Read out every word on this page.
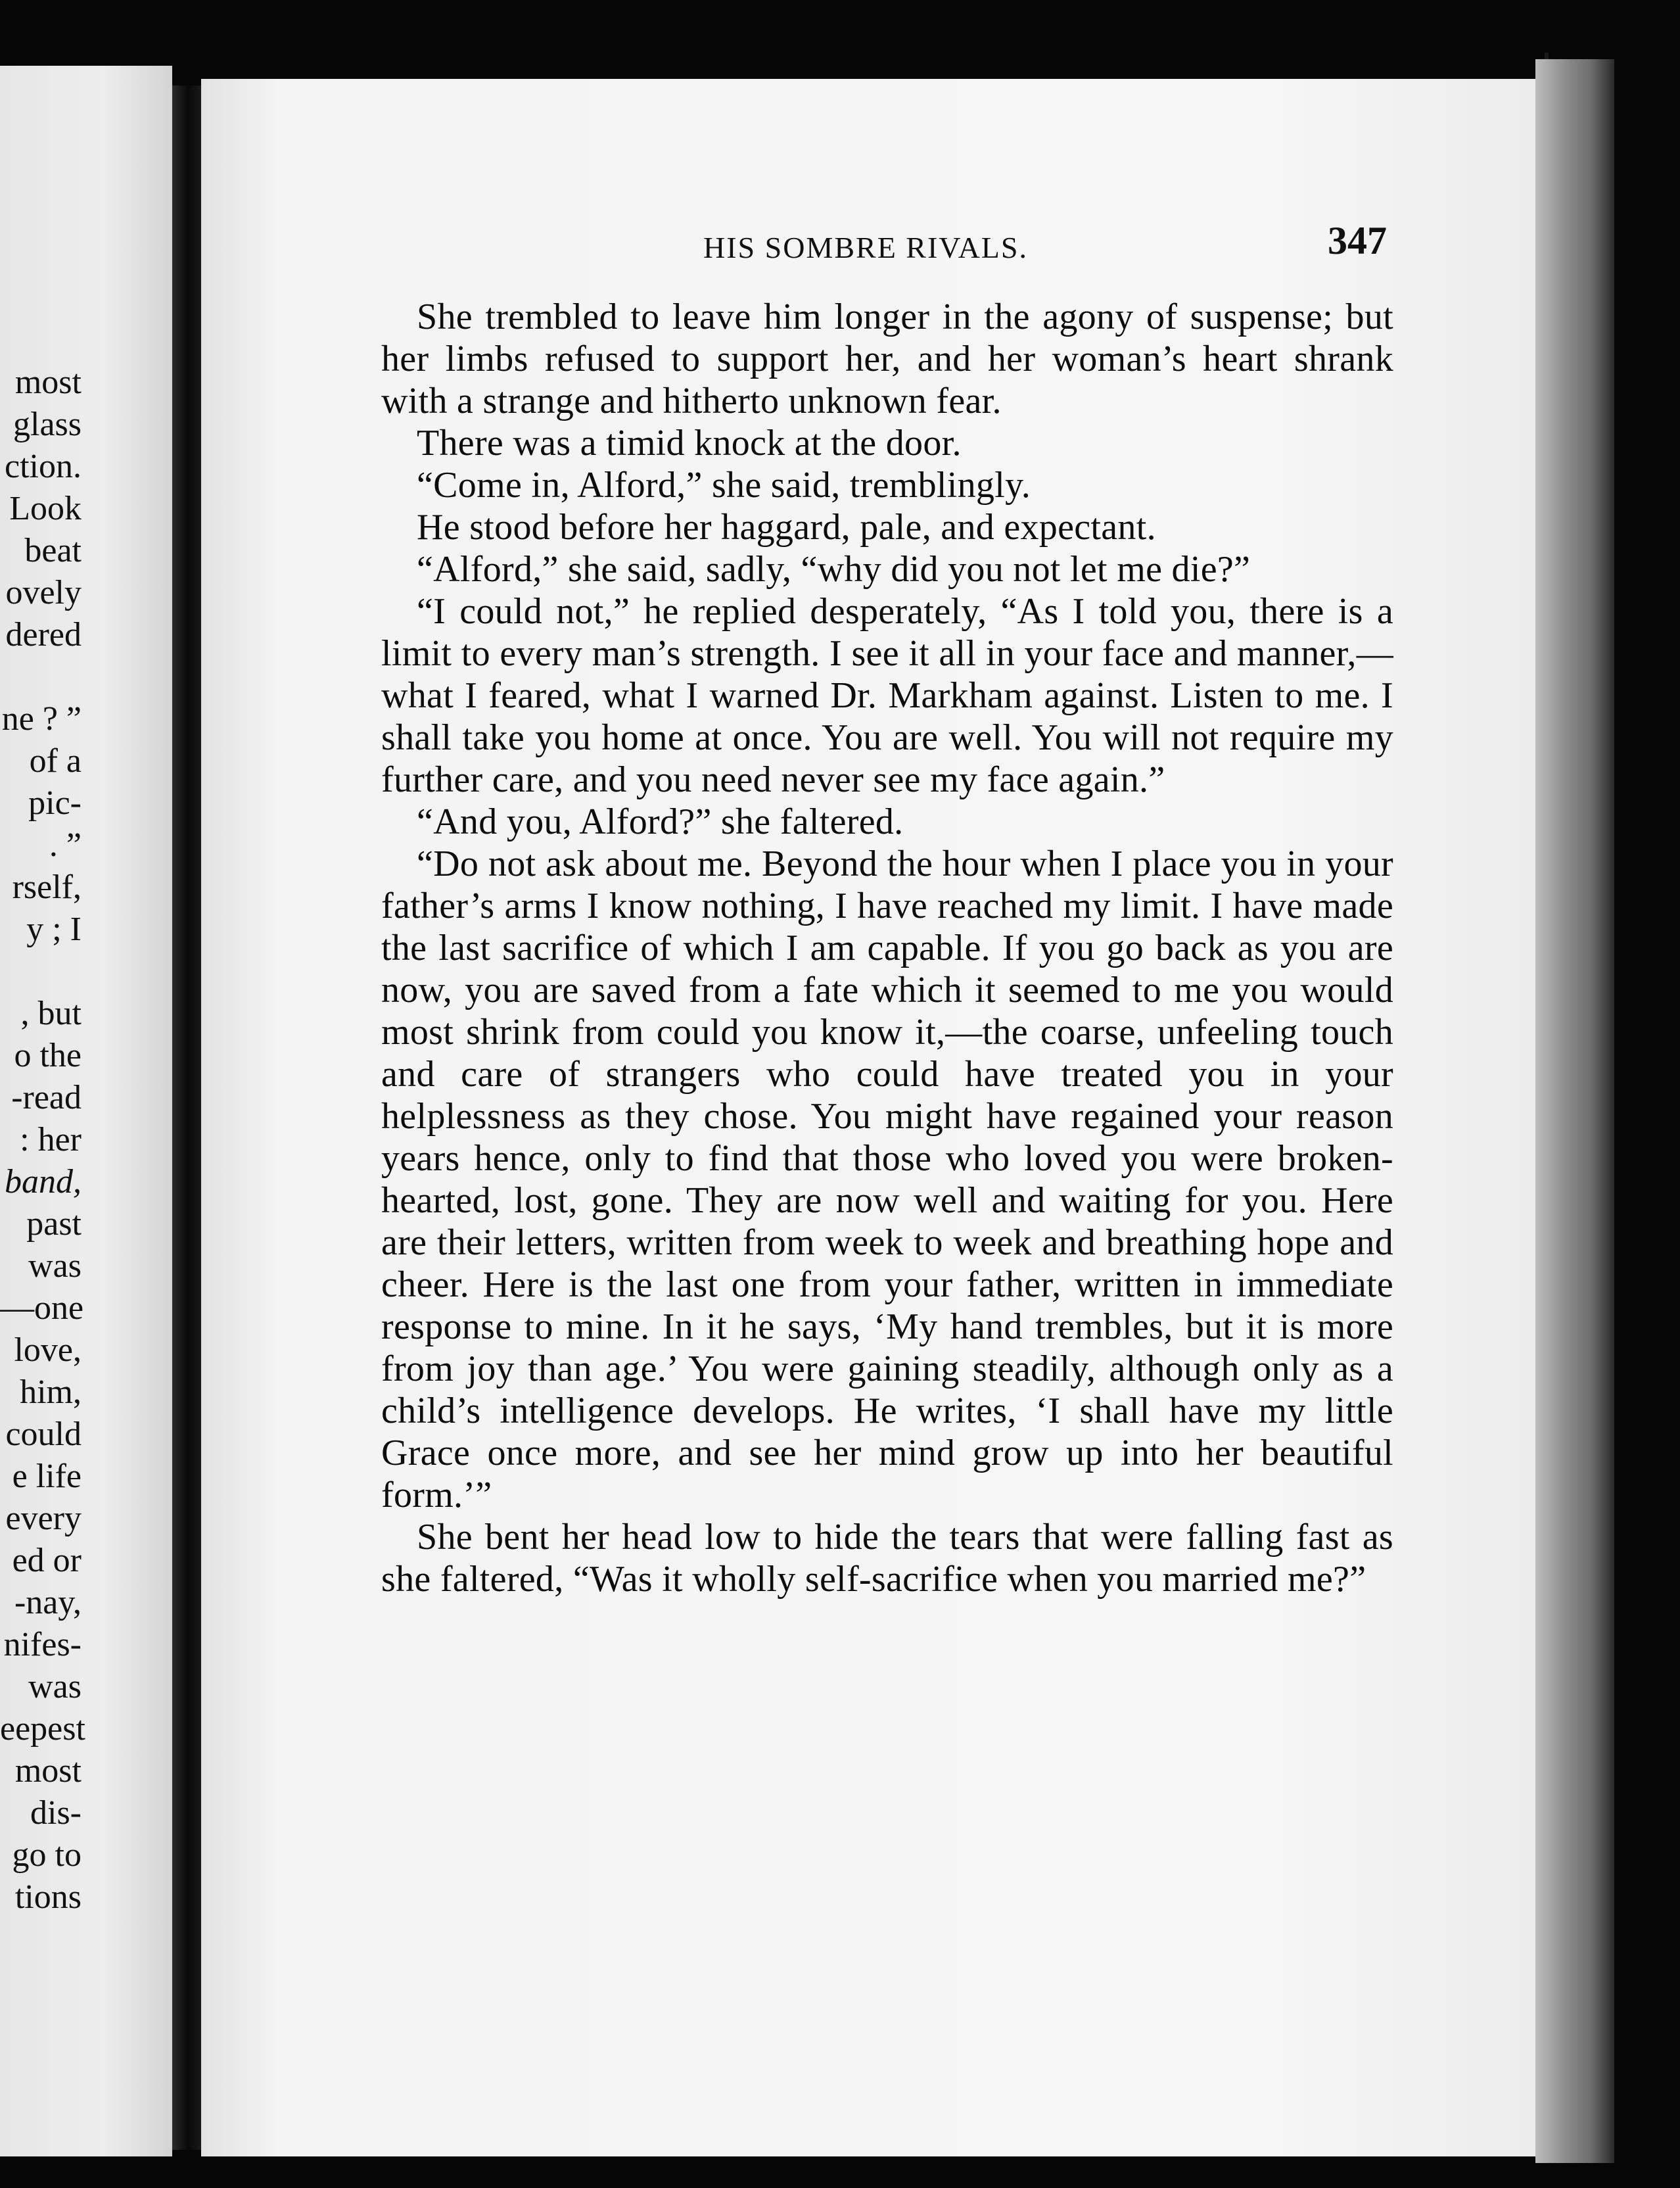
most
glass
ction.
Look
beat
ovely
dered
ne ? ”
of a
pic-
. ”
rself,
y ; I
, but
o the
-read
: her
band,
past
was
—one
love,
him,
could
e life
every
ed or
-nay,
nifes-
was
eepest
most
dis-
go to
tions
HIS SOMBRE RIVALS.	347

She trembled to leave him longer in the agony of suspense; but her limbs refused to support her, and her woman’s heart shrank with a strange and hitherto unknown fear.

There was a timid knock at the door.

“Come in, Alford,” she said, tremblingly.

He stood before her haggard, pale, and expectant.

“Alford,” she said, sadly, “why did you not let me die?”

“I could not,” he replied desperately, “As I told you, there is a limit to every man’s strength. I see it all in your face and manner,—what I feared, what I warned Dr. Markham against. Listen to me. I shall take you home at once. You are well. You will not require my further care, and you need never see my face again.”

“And you, Alford?” she faltered.

“Do not ask about me. Beyond the hour when I place you in your father’s arms I know nothing, I have reached my limit. I have made the last sacrifice of which I am capable. If you go back as you are now, you are saved from a fate which it seemed to me you would most shrink from could you know it,—the coarse, unfeeling touch and care of strangers who could have treated you in your helplessness as they chose. You might have regained your reason years hence, only to find that those who loved you were broken-hearted, lost, gone. They are now well and waiting for you. Here are their letters, written from week to week and breathing hope and cheer. Here is the last one from your father, written in immediate response to mine. In it he says, ‘My hand trembles, but it is more from joy than age.’ You were gaining steadily, although only as a child’s intelligence develops. He writes, ‘I shall have my little Grace once more, and see her mind grow up into her beautiful form.’”

She bent her head low to hide the tears that were falling fast as she faltered, “Was it wholly self-sacrifice when you married me?”
